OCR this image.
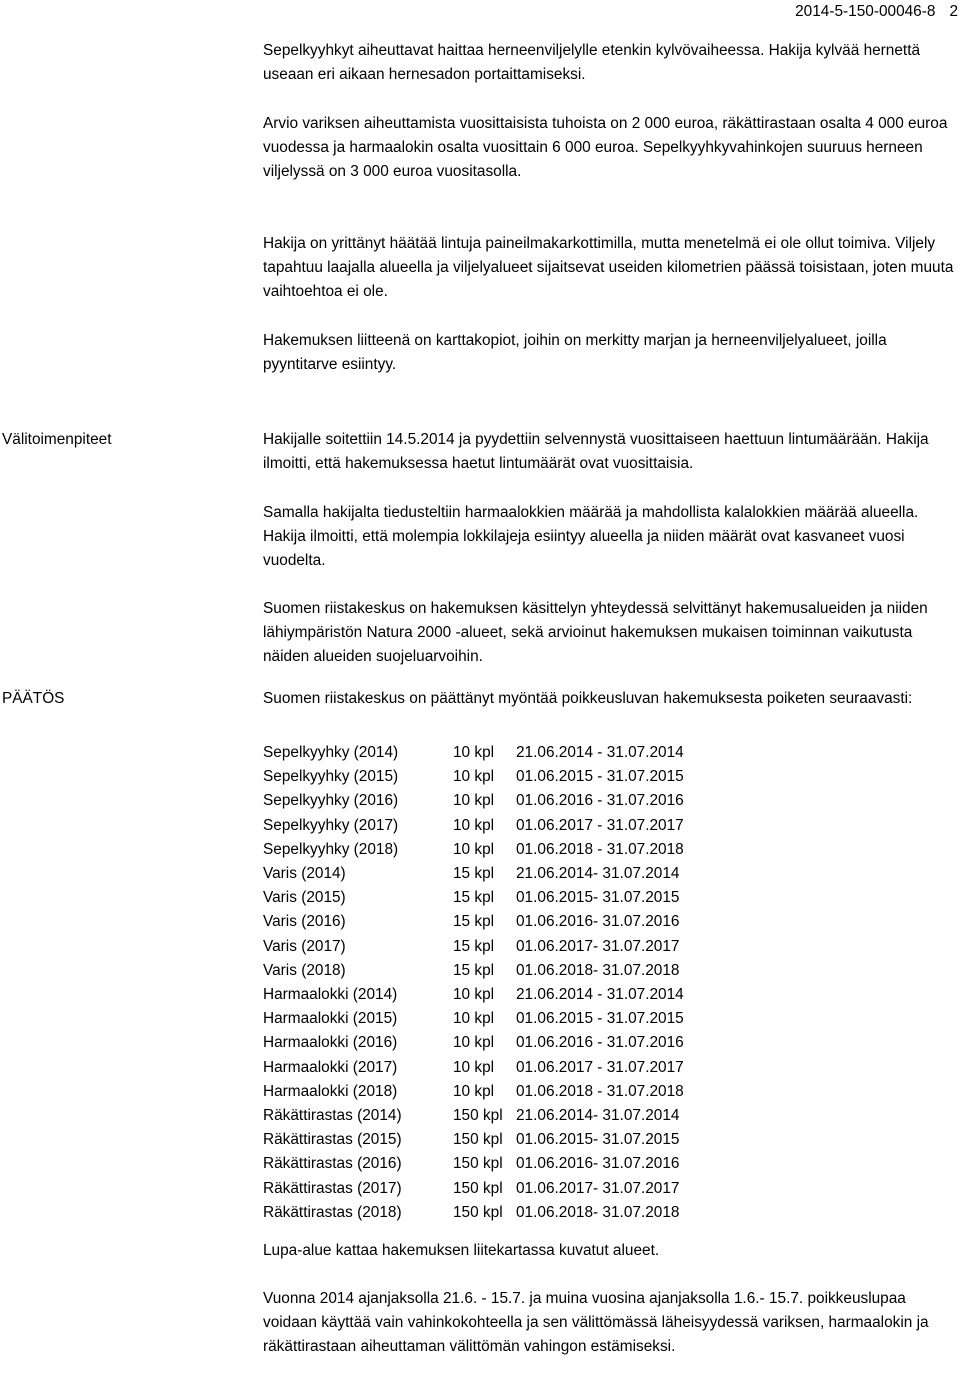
2014-5-150-00046-8 2

Sepelkyyhkyt aiheuttavat haittaa herneenviljelylle etenkin kylvövaiheessa. Hakija kylvää hernettä useaan eri aikaan hernesadon portaittamiseksi.

Arvio variksen aiheuttamista vuosittaisista tuhoista on 2 000 euroa, räkättirastaan osalta 4 000 euroa vuodessa ja harmaalokin osalta vuosittain 6 000 euroa. Sepelkyyhkyvahinkojen suuruus herneen viljelyssä on 3 000 euroa vuositasolla.

Hakija on yrittänyt häätää lintuja paineilmakarkottimilla, mutta menetelmä ei ole ollut toimiva. Viljely tapahtuu laajalla alueella ja viljelyalueet sijaitsevat useiden kilometrien päässä toisistaan, joten muuta vaihtoehtoa ei ole.

Hakemuksen liitteenä on karttakopiot, joihin on merkitty marjan ja herneenviljelyalueet, joilla pyyntitarve esiintyy.

Välitoimenpiteet	Hakijalle soitettiin 14.5.2014 ja pyydettiin selvennystä vuosittaiseen haettuun lintumäärään. Hakija ilmoitti, että hakemuksessa haetut lintumäärät ovat vuosittaisia.

Samalla hakijalta tiedusteltiin harmaalokkien määrää ja mahdollista kalalokkien määrää alueella. Hakija ilmoitti, että molempia lokkilajeja esiintyy alueella ja niiden määrät ovat kasvaneet vuosi vuodelta.

Suomen riistakeskus on hakemuksen käsittelyn yhteydessä selvittänyt hakemusalueiden ja niiden lähiympäristön Natura 2000 -alueet, sekä arvioinut hakemuksen mukaisen toiminnan vaikutusta näiden alueiden suojeluarvoihin.

PÄÄTÖS	Suomen riistakeskus on päättänyt myöntää poikkeusluvan hakemuksesta poiketen seuraavasti:

Sepelkyyhky (2014)	10 kpl	21.06.2014 - 31.07.2014
Sepelkyyhky (2015)	10 kpl	01.06.2015 - 31.07.2015
Sepelkyyhky (2016)	10 kpl	01.06.2016 - 31.07.2016
Sepelkyyhky (2017)	10 kpl	01.06.2017 - 31.07.2017
Sepelkyyhky (2018)	10 kpl	01.06.2018 - 31.07.2018
Varis (2014)	15 kpl	21.06.2014- 31.07.2014
Varis (2015)	15 kpl	01.06.2015- 31.07.2015
Varis (2016)	15 kpl	01.06.2016- 31.07.2016
Varis (2017)	15 kpl	01.06.2017- 31.07.2017
Varis (2018)	15 kpl	01.06.2018- 31.07.2018
Harmaalokki (2014)	10 kpl	21.06.2014 - 31.07.2014
Harmaalokki (2015)	10 kpl	01.06.2015 - 31.07.2015
Harmaalokki (2016)	10 kpl	01.06.2016 - 31.07.2016
Harmaalokki (2017)	10 kpl	01.06.2017 - 31.07.2017
Harmaalokki (2018)	10 kpl	01.06.2018 - 31.07.2018
Räkättirastas (2014)	150 kpl	21.06.2014- 31.07.2014
Räkättirastas (2015)	150 kpl	01.06.2015- 31.07.2015
Räkättirastas (2016)	150 kpl	01.06.2016- 31.07.2016
Räkättirastas (2017)	150 kpl	01.06.2017- 31.07.2017
Räkättirastas (2018)	150 kpl	01.06.2018- 31.07.2018

Lupa-alue kattaa hakemuksen liitekartassa kuvatut alueet.

Vuonna 2014 ajanjaksolla 21.6. - 15.7. ja muina vuosina ajanjaksolla 1.6.- 15.7. poikkeuslupaa voidaan käyttää vain vahinkokohteella ja sen välittömässä läheisyydessä variksen, harmaalokin ja räkättirastaan aiheuttaman välittömän vahingon estämiseksi.
